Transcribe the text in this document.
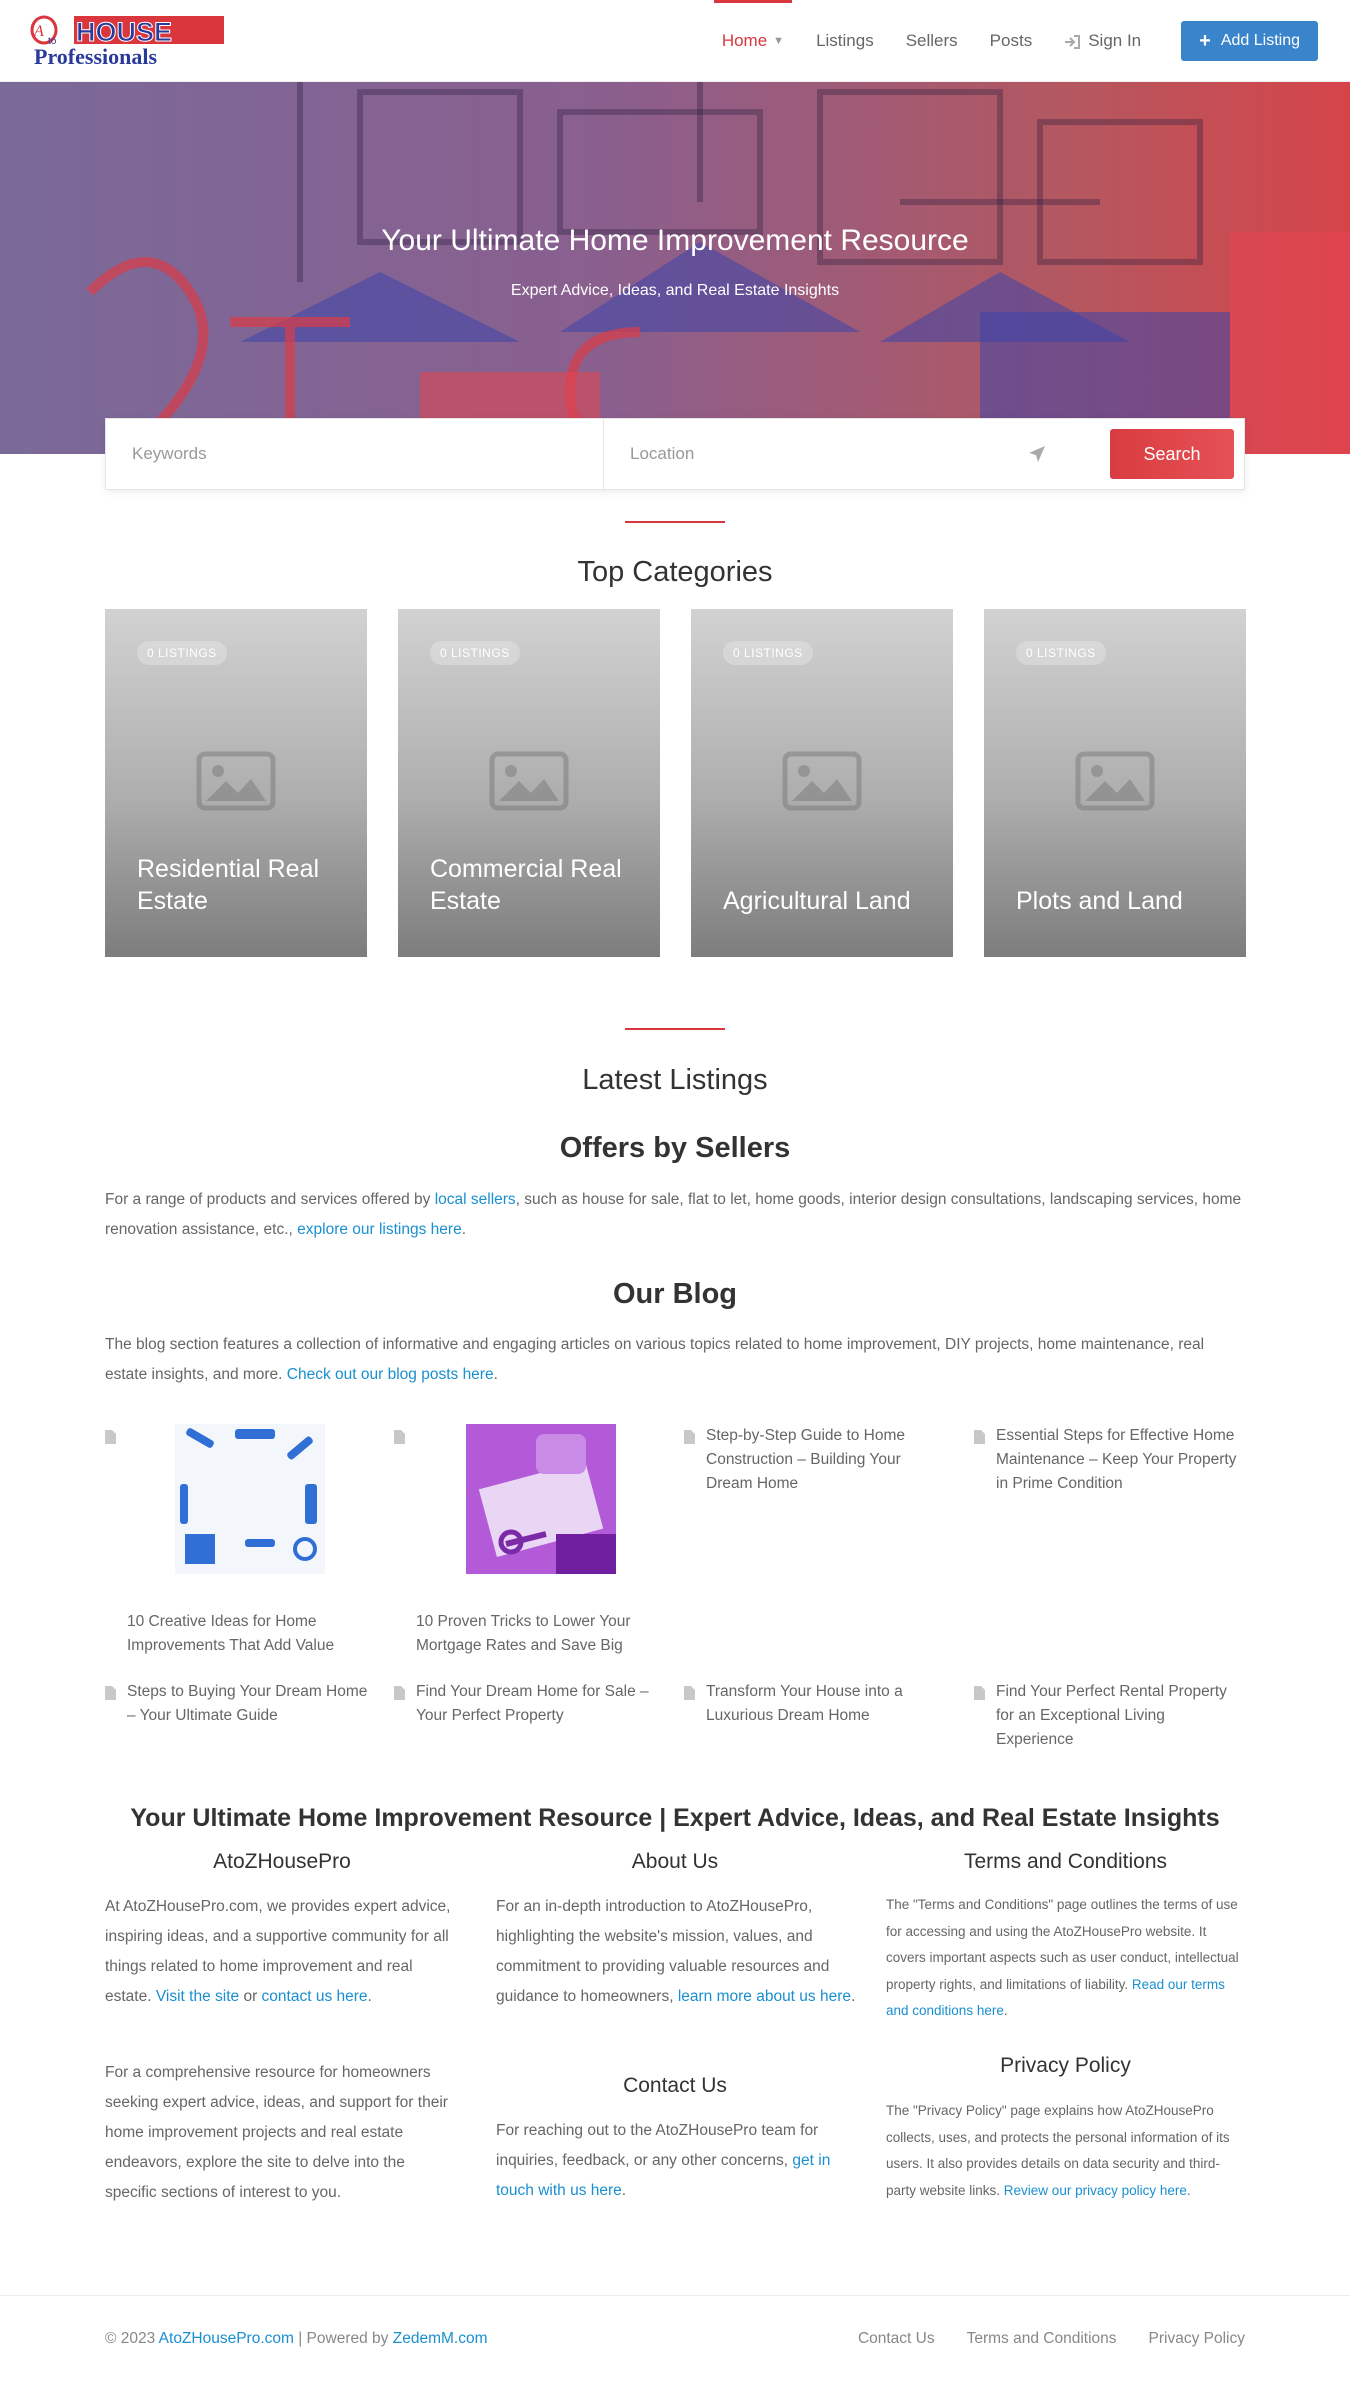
A
to HOUSE
Professionals
Home ▼	Listings	Sellers	Posts	Sign In	+ Add Listing
Your Ultimate Home Improvement Resource
Expert Advice, Ideas, and Real Estate Insights
Keywords	Location	Search
Top Categories
0 LISTINGS
Residential Real Estate
0 LISTINGS
Commercial Real Estate
0 LISTINGS
Agricultural Land
0 LISTINGS
Plots and Land
Latest Listings
Offers by Sellers
For a range of products and services offered by local sellers, such as house for sale, flat to let, home goods, interior design consultations, landscaping services, home renovation assistance, etc., explore our listings here.
Our Blog
The blog section features a collection of informative and engaging articles on various topics related to home improvement, DIY projects, home maintenance, real estate insights, and more. Check out our blog posts here.
10 Creative Ideas for Home Improvements That Add Value
10 Proven Tricks to Lower Your Mortgage Rates and Save Big
Step-by-Step Guide to Home Construction – Building Your Dream Home
Essential Steps for Effective Home Maintenance – Keep Your Property in Prime Condition
Steps to Buying Your Dream Home – Your Ultimate Guide
Find Your Dream Home for Sale – Your Perfect Property
Transform Your House into a Luxurious Dream Home
Find Your Perfect Rental Property for an Exceptional Living Experience
Your Ultimate Home Improvement Resource | Expert Advice, Ideas, and Real Estate Insights
AtoZHousePro
At AtoZHousePro.com, we provides expert advice, inspiring ideas, and a supportive community for all things related to home improvement and real estate. Visit the site or contact us here.
For a comprehensive resource for homeowners seeking expert advice, ideas, and support for their home improvement projects and real estate endeavors, explore the site to delve into the specific sections of interest to you.
About Us
For an in-depth introduction to AtoZHousePro, highlighting the website's mission, values, and commitment to providing valuable resources and guidance to homeowners, learn more about us here.
Contact Us
For reaching out to the AtoZHousePro team for inquiries, feedback, or any other concerns, get in touch with us here.
Terms and Conditions
The "Terms and Conditions" page outlines the terms of use for accessing and using the AtoZHousePro website. It covers important aspects such as user conduct, intellectual property rights, and limitations of liability. Read our terms and conditions here.
Privacy Policy
The "Privacy Policy" page explains how AtoZHousePro collects, uses, and protects the personal information of its users. It also provides details on data security and third-party website links. Review our privacy policy here.
© 2023 AtoZHousePro.com | Powered by ZedemM.com	Contact Us Terms and Conditions Privacy Policy
